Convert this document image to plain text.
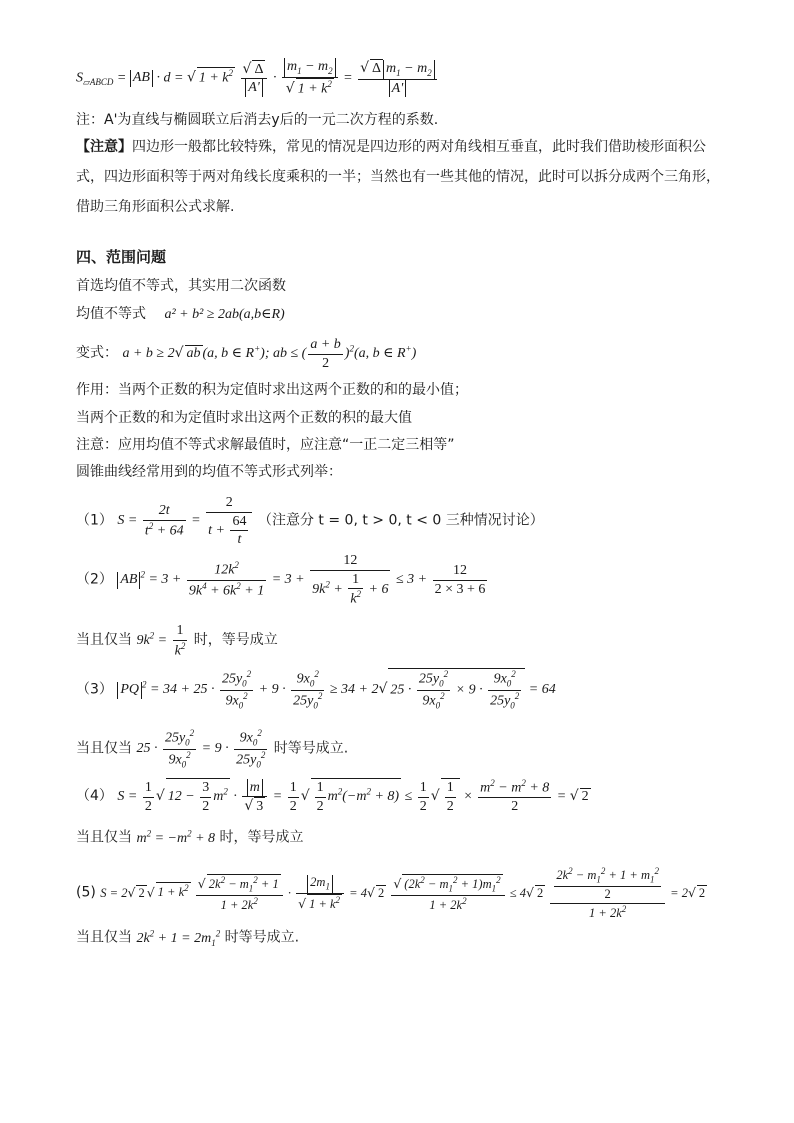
$S_{▱ABCD}$ = AB · d = √ $1 + k^2 \frac{√ \Delta}{A'} \cdot \frac{m_1 - m_2}{√ 1 + k^2} = \frac{√ \Delta m_1 - m_2}{A'}$
注：A'为直线与椭圆联立后消去y后的一元二次方程的系数.
【注意】四边形一般都比较特殊，常见的情况是四边形的两对角线相互垂直，此时我们借助棱形面积公式，四边形面积等于两对角线长度乘积的一半；当然也有一些其他的情况，此时可以拆分成两个三角形，借助三角形面积公式求解.
四、范围问题
首选均值不等式，其实用二次函数
均值不等式 a² + b² ≥ 2ab(a,b∈R)
变式： a + b ≥ 2√ ab (a, b ∈ R+); ab ≤ ( $\frac{a + b}{2} )^2(a$, b ∈ R+)
作用：当两个正数的积为定值时求出这两个正数的和的最小值；
当两个正数的和为定值时求出这两个正数的积的最大值
注意：应用均值不等式求解最值时，应注意“一正二定三相等”
圆锥曲线经常用到的均值不等式形式列举：
（1） $S = \frac{2t}{t^2 + 64} = \frac{2}{t + \frac{64}{t}}$ （注意分 t = 0, t > 0, t < 0 三种情况讨论）
（2） AB $^2 = 3 + \frac{12k^2}{9k^4 + 6k^2 + 1} = 3 + \frac{12}{9k^2 + \frac{1}{k^2} + 6} \le 3 + \frac{12}{2 \times 3 + 6}$
当且仅当 $9k^2 = \frac{1}{k^2}$ 时，等号成立
（3） PQ $^2 = 34 + 25 \cdot \frac{25y_0^2}{9x_0^2} + 9 \cdot \frac{9x_0^2}{25y_0^2} \ge 34 + 2√$ $25 \cdot \frac{25y_0^2}{9x_0^2} \times 9 \cdot \frac{9x_0^2}{25y_0^2} = 64$
当且仅当 $25 \cdot \frac{25y_0^2}{9x_0^2} = 9 \cdot \frac{9x_0^2}{25y_0^2}$ 时等号成立.
（4） $S = \frac{1}{2}$ √ $12 - \frac{3}{2} m^2 \cdot \frac{m}{√ 3} = \frac{1}{2}$ √ $\frac{1}{2} m^2(-m^2 + 8) \le \frac{1}{2}$ √ $\frac{1}{2} \times \frac{m^2 - m^2 + 8}{2}$ = √ 2
当且仅当 $m^2 = -m^2 + 8$ 时，等号成立
(5) S = 2√ 2 √ $1 + k^2 \frac{√ 2k^2 - m_1^2 + 1}{1 + 2k^2} \cdot \frac{2m_1}{√ 1 + k^2} = 4√$ $2 \frac{√ (2k^2 - m_1^2 + 1)m_1^2}{1 + 2k^2} \le 4√$ $2 \frac{\frac{2k^2 - m_1^2 + 1 + m_1^2}{2}}{1 + 2k^2} = 2√$ 2
当且仅当 $2k^2 + 1 = 2m_1^2$ 时等号成立.
